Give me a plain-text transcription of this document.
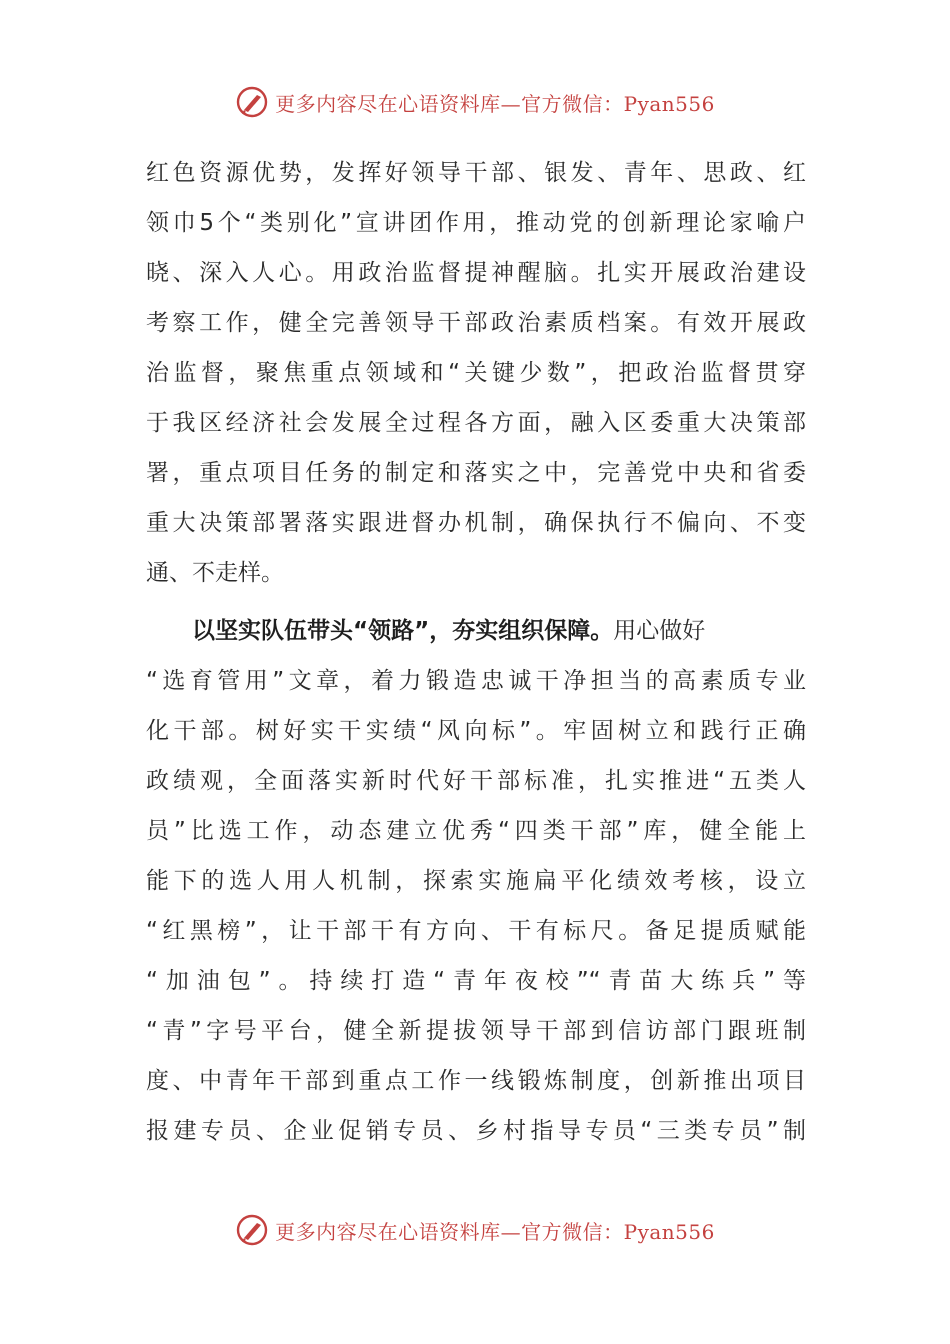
更多内容尽在心语资料库—官方微信：Pyan556
红色资源优势，发挥好领导干部、银发、青年、思政、红
领巾5个“类别化”宣讲团作用，推动党的创新理论家喻户
晓、深入人心。用政治监督提神醒脑。扎实开展政治建设
考察工作，健全完善领导干部政治素质档案。有效开展政
治监督，聚焦重点领域和“关键少数”，把政治监督贯穿
于我区经济社会发展全过程各方面，融入区委重大决策部
署，重点项目任务的制定和落实之中，完善党中央和省委
重大决策部署落实跟进督办机制，确保执行不偏向、不变
通、不走样。
以坚实队伍带头“领路”，夯实组织保障。用心做好
“选育管用”文章，着力锻造忠诚干净担当的高素质专业
化干部。树好实干实绩“风向标”。牢固树立和践行正确
政绩观，全面落实新时代好干部标准，扎实推进“五类人
员”比选工作，动态建立优秀“四类干部”库，健全能上
能下的选人用人机制，探索实施扁平化绩效考核，设立
“红黑榜”，让干部干有方向、干有标尺。备足提质赋能
“加油包”。持续打造“青年夜校”“青苗大练兵”等
“青”字号平台，健全新提拔领导干部到信访部门跟班制
度、中青年干部到重点工作一线锻炼制度，创新推出项目
报建专员、企业促销专员、乡村指导专员“三类专员”制
更多内容尽在心语资料库—官方微信：Pyan556
